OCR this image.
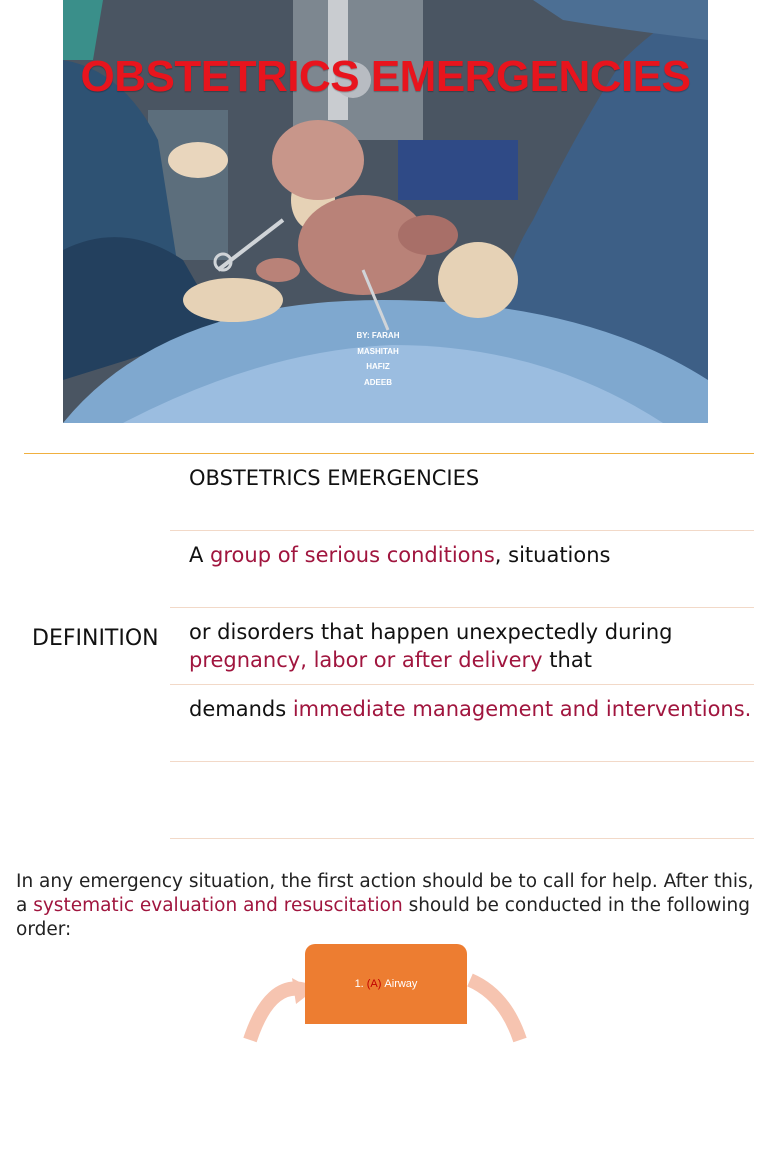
OBSTETRICS EMERGENCIES
BY: FARAH
MASHITAH
HAFIZ
ADEEB
DEFINITION
OBSTETRICS EMERGENCIES
A group of serious conditions, situations
or disorders that happen unexpectedly during pregnancy, labor or after delivery that
demands immediate management and interventions.
In any emergency situation, the first action should be to call for help. After this, a systematic evaluation and resuscitation should be conducted in the following order:
1. (A) Airway
